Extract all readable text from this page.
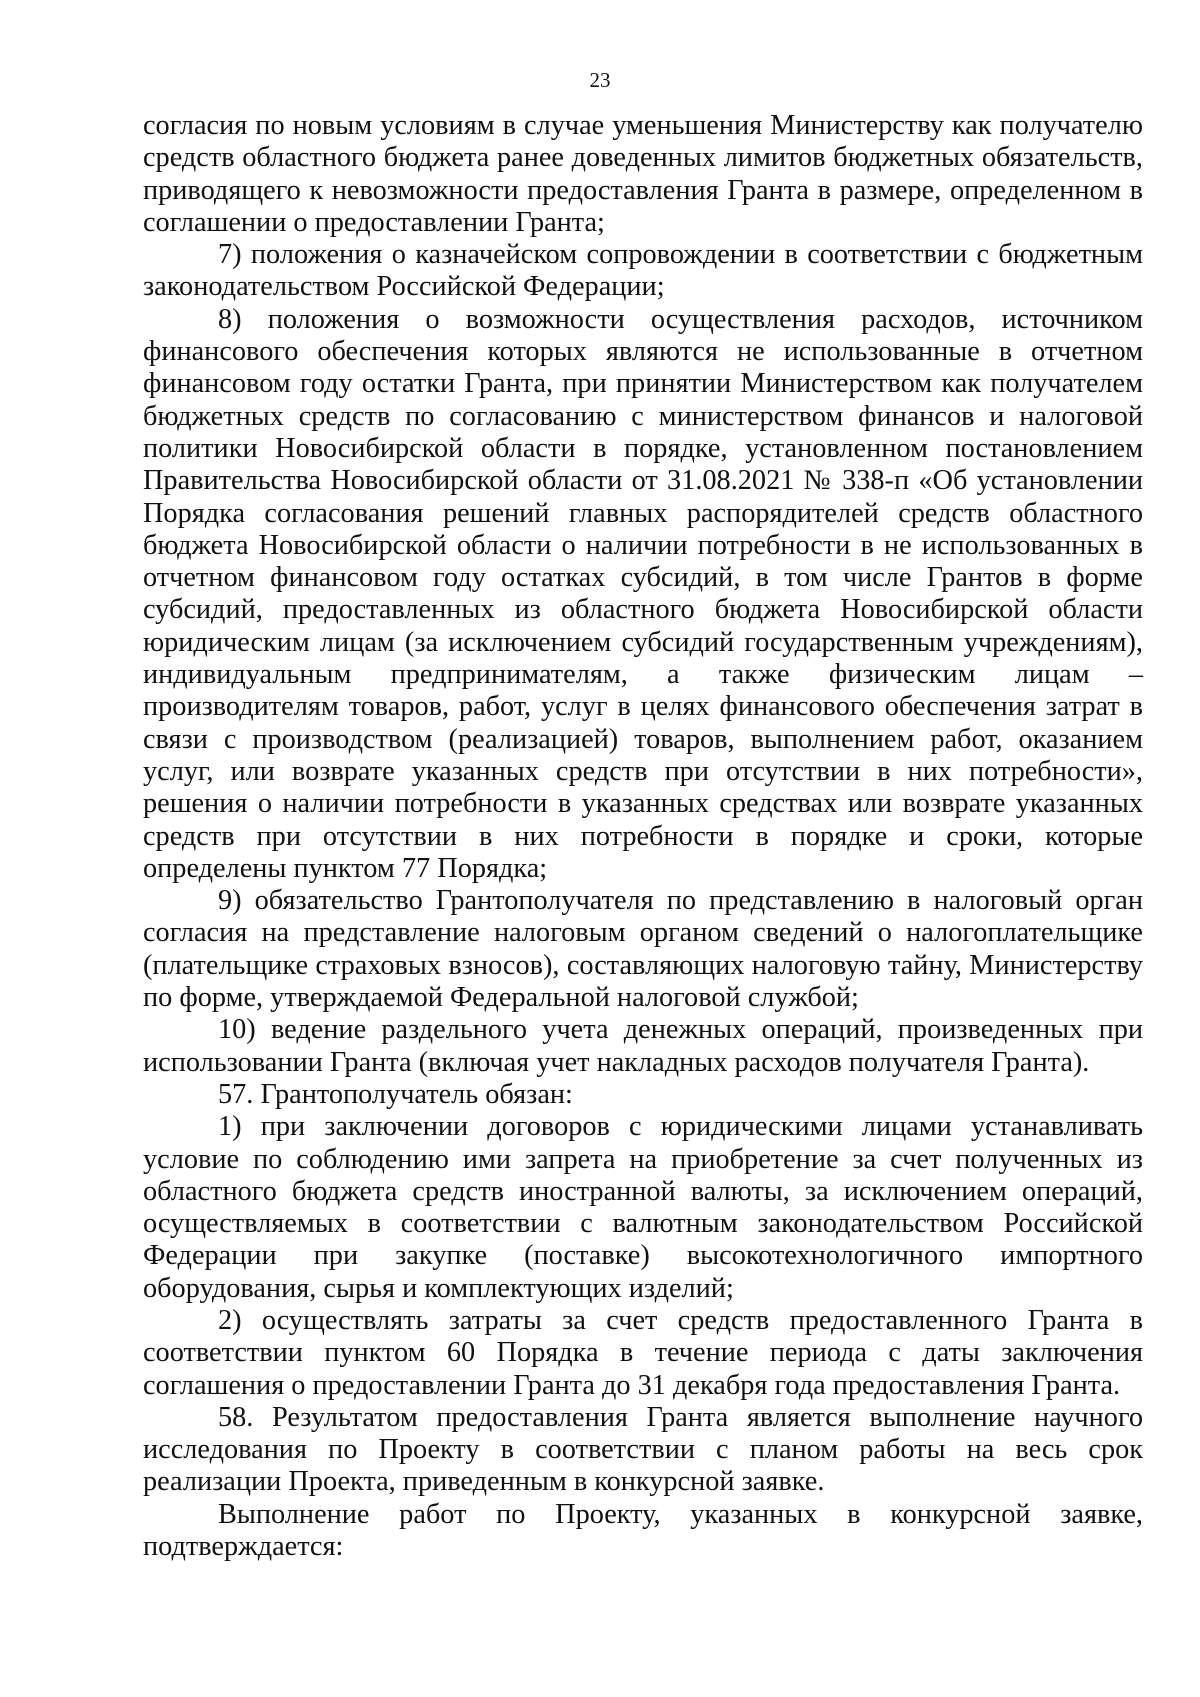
23

согласия по новым условиям в случае уменьшения Министерству как получателю средств областного бюджета ранее доведенных лимитов бюджетных обязательств, приводящего к невозможности предоставления Гранта в размере, определенном в соглашении о предоставлении Гранта;

7) положения о казначейском сопровождении в соответствии с бюджетным законодательством Российской Федерации;

8) положения о возможности осуществления расходов, источником финансового обеспечения которых являются не использованные в отчетном финансовом году остатки Гранта, при принятии Министерством как получателем бюджетных средств по согласованию с министерством финансов и налоговой политики Новосибирской области в порядке, установленном постановлением Правительства Новосибирской области от 31.08.2021 № 338-п «Об установлении Порядка согласования решений главных распорядителей средств областного бюджета Новосибирской области о наличии потребности в не использованных в отчетном финансовом году остатках субсидий, в том числе Грантов в форме субсидий, предоставленных из областного бюджета Новосибирской области юридическим лицам (за исключением субсидий государственным учреждениям), индивидуальным предпринимателям, а также физическим лицам – производителям товаров, работ, услуг в целях финансового обеспечения затрат в связи с производством (реализацией) товаров, выполнением работ, оказанием услуг, или возврате указанных средств при отсутствии в них потребности», решения о наличии потребности в указанных средствах или возврате указанных средств при отсутствии в них потребности в порядке и сроки, которые определены пунктом 77 Порядка;

9) обязательство Грантополучателя по представлению в налоговый орган согласия на представление налоговым органом сведений о налогоплательщике (плательщике страховых взносов), составляющих налоговую тайну, Министерству по форме, утверждаемой Федеральной налоговой службой;

10) ведение раздельного учета денежных операций, произведенных при использовании Гранта (включая учет накладных расходов получателя Гранта).

57. Грантополучатель обязан:

1) при заключении договоров с юридическими лицами устанавливать условие по соблюдению ими запрета на приобретение за счет полученных из областного бюджета средств иностранной валюты, за исключением операций, осуществляемых в соответствии с валютным законодательством Российской Федерации при закупке (поставке) высокотехнологичного импортного оборудования, сырья и комплектующих изделий;

2) осуществлять затраты за счет средств предоставленного Гранта в соответствии пунктом 60 Порядка в течение периода с даты заключения соглашения о предоставлении Гранта до 31 декабря года предоставления Гранта.

58. Результатом предоставления Гранта является выполнение научного исследования по Проекту в соответствии с планом работы на весь срок реализации Проекта, приведенным в конкурсной заявке.

Выполнение работ по Проекту, указанных в конкурсной заявке, подтверждается:
